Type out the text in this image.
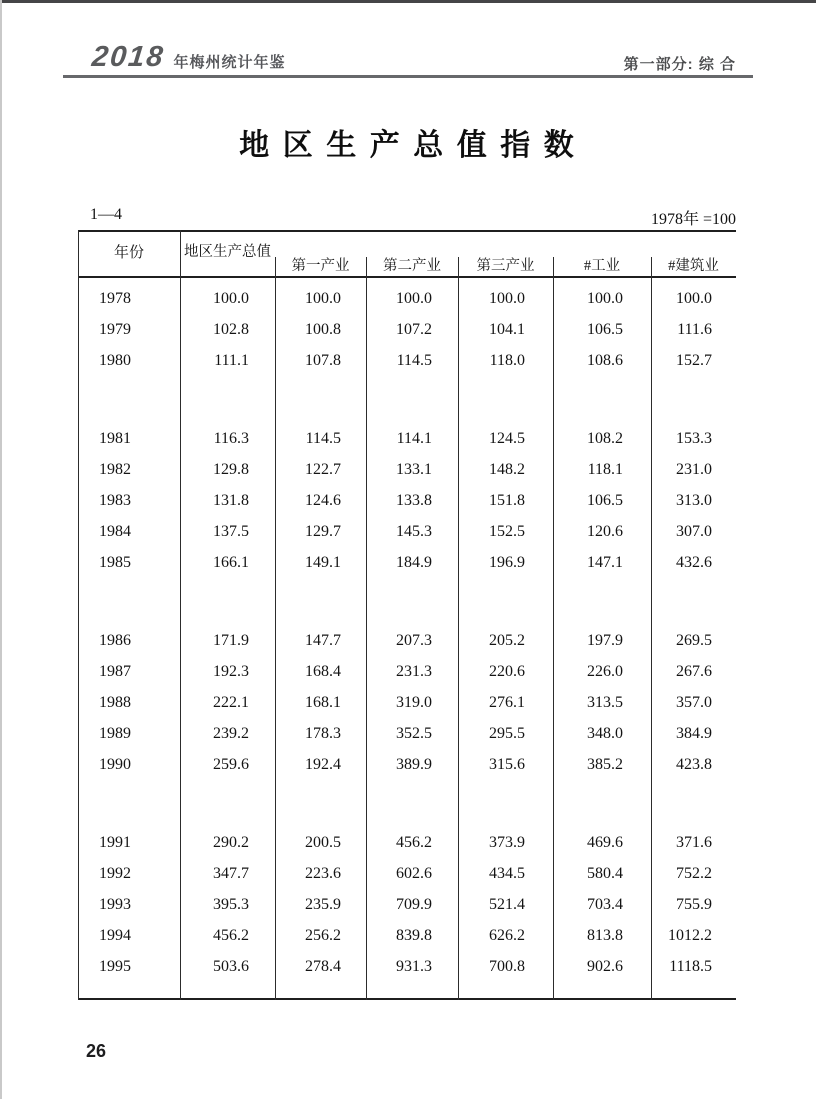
2018 年梅州统计年鉴	第一部分: 综 合
地 区 生 产 总 值 指 数
1—4	1978年 =100
年份	地区生产总值
第一产业	第二产业	第三产业	#工业	#建筑业
1978	100.0	100.0	100.0	100.0	100.0	100.0
1979	102.8	100.8	107.2	104.1	106.5	111.6
1980	111.1	107.8	114.5	118.0	108.6	152.7
1981	116.3	114.5	114.1	124.5	108.2	153.3
1982	129.8	122.7	133.1	148.2	118.1	231.0
1983	131.8	124.6	133.8	151.8	106.5	313.0
1984	137.5	129.7	145.3	152.5	120.6	307.0
1985	166.1	149.1	184.9	196.9	147.1	432.6
1986	171.9	147.7	207.3	205.2	197.9	269.5
1987	192.3	168.4	231.3	220.6	226.0	267.6
1988	222.1	168.1	319.0	276.1	313.5	357.0
1989	239.2	178.3	352.5	295.5	348.0	384.9
1990	259.6	192.4	389.9	315.6	385.2	423.8
1991	290.2	200.5	456.2	373.9	469.6	371.6
1992	347.7	223.6	602.6	434.5	580.4	752.2
1993	395.3	235.9	709.9	521.4	703.4	755.9
1994	456.2	256.2	839.8	626.2	813.8	1012.2
1995	503.6	278.4	931.3	700.8	902.6	1118.5
26
